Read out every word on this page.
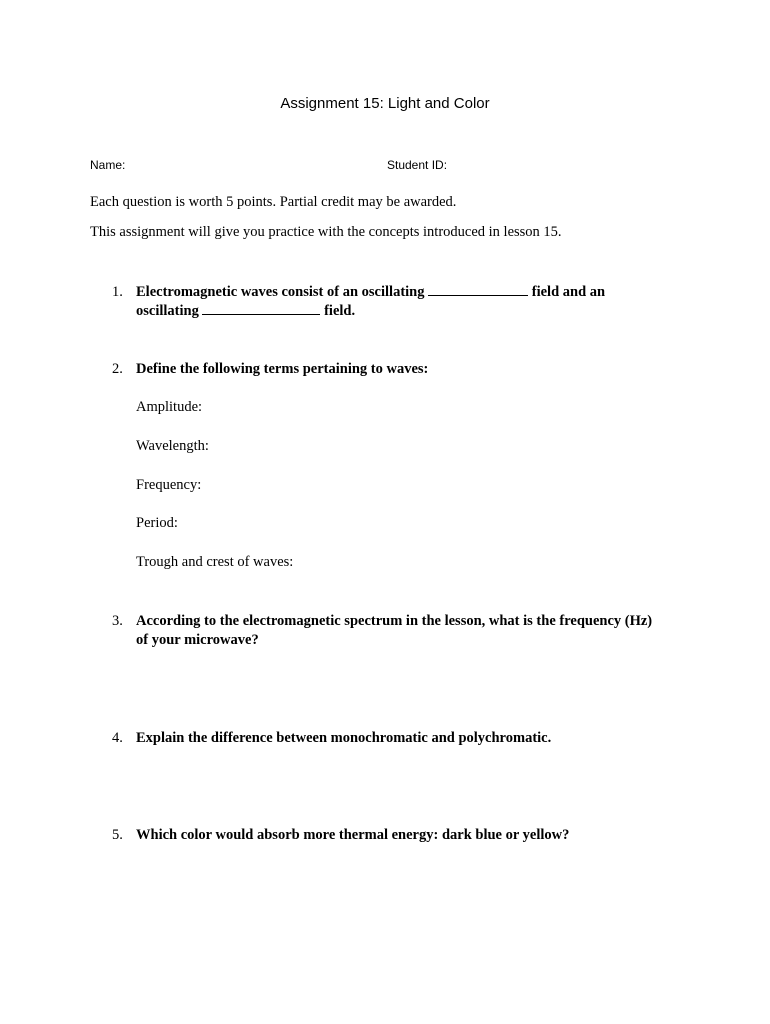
Assignment 15: Light and Color
Name:	Student ID:
Each question is worth 5 points. Partial credit may be awarded.
This assignment will give you practice with the concepts introduced in lesson 15.
1. Electromagnetic waves consist of an oscillating	field and an oscillating	field.
2. Define the following terms pertaining to waves:
Amplitude:
Wavelength:
Frequency:
Period:
Trough and crest of waves:
3. According to the electromagnetic spectrum in the lesson, what is the frequency (Hz) of your microwave?
4. Explain the difference between monochromatic and polychromatic.
5. Which color would absorb more thermal energy: dark blue or yellow?
